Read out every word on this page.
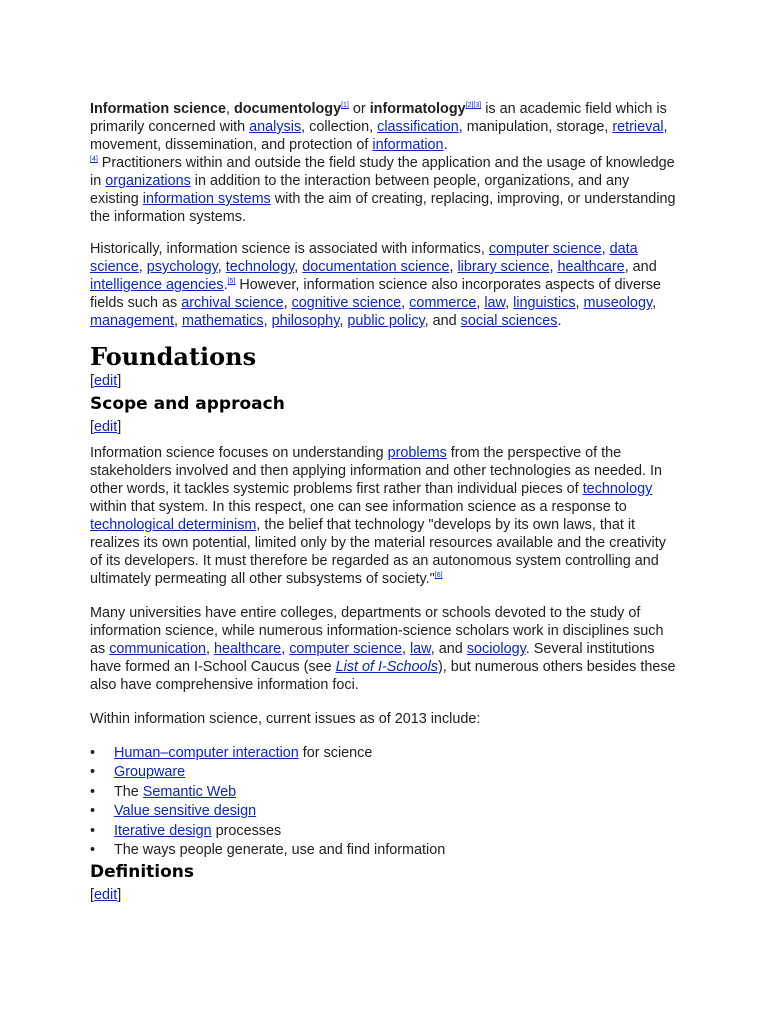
Information science, documentology[1] or informatology[2][3] is an academic field which is primarily concerned with analysis, collection, classification, manipulation, storage, retrieval, movement, dissemination, and protection of information.
[4] Practitioners within and outside the field study the application and the usage of knowledge in organizations in addition to the interaction between people, organizations, and any existing information systems with the aim of creating, replacing, improving, or understanding the information systems.

Historically, information science is associated with informatics, computer science, data science, psychology, technology, documentation science, library science, healthcare, and intelligence agencies.[5] However, information science also incorporates aspects of diverse fields such as archival science, cognitive science, commerce, law, linguistics, museology, management, mathematics, philosophy, public policy, and social sciences.

Foundations

[edit]

Scope and approach

[edit]

Information science focuses on understanding problems from the perspective of the stakeholders involved and then applying information and other technologies as needed. In other words, it tackles systemic problems first rather than individual pieces of technology within that system. In this respect, one can see information science as a response to technological determinism, the belief that technology "develops by its own laws, that it realizes its own potential, limited only by the material resources available and the creativity of its developers. It must therefore be regarded as an autonomous system controlling and ultimately permeating all other subsystems of society."[6]

Many universities have entire colleges, departments or schools devoted to the study of information science, while numerous information-science scholars work in disciplines such as communication, healthcare, computer science, law, and sociology. Several institutions have formed an I-School Caucus (see List of I-Schools), but numerous others besides these also have comprehensive information foci.

Within information science, current issues as of 2013 include:

• Human–computer interaction for science
• Groupware
• The Semantic Web
• Value sensitive design
• Iterative design processes
• The ways people generate, use and find information
Definitions

[edit]
